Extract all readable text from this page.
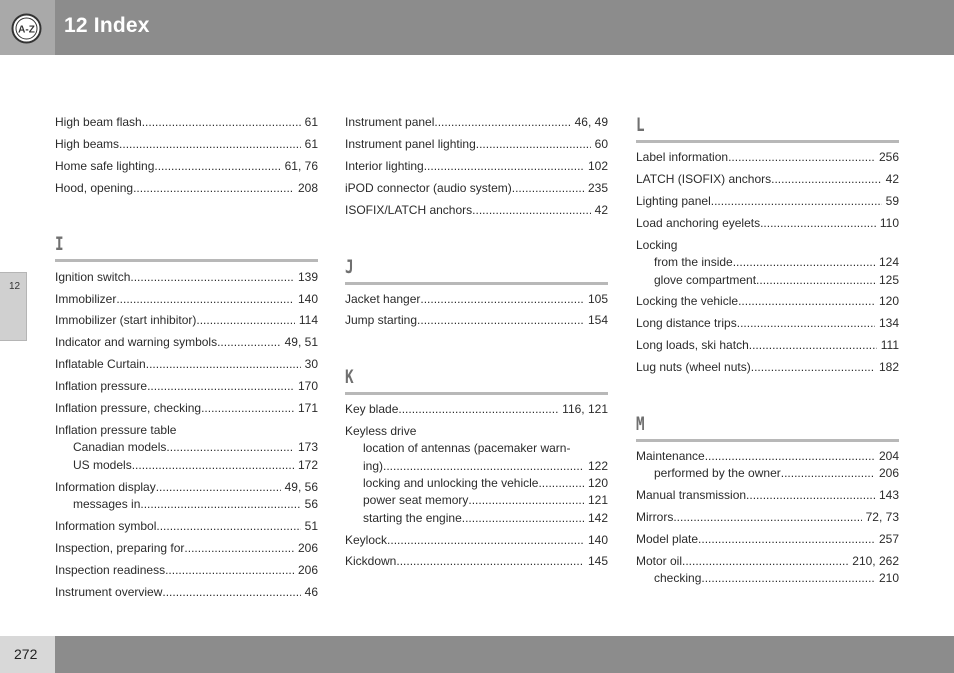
A-Z 12 Index
12
High beam flash .....	61
High beams .....	61
Home safe lighting .....	61, 76
Hood, opening .....	208
I
Ignition switch .....	139
Immobilizer .....	140
Immobilizer (start inhibitor) .....	114
Indicator and warning symbols .....	49, 51
Inflatable Curtain .....	30
Inflation pressure .....	170
Inflation pressure, checking .....	171
Inflation pressure table
Canadian models .....	173
US models .....	172
Information display .....	49, 56
messages in .....	56
Information symbol .....	51
Inspection, preparing for .....	206
Inspection readiness .....	206
Instrument overview .....	46
Instrument panel .....	46, 49
Instrument panel lighting .....	60
Interior lighting .....	102
iPOD connector (audio system) .....	235
ISOFIX/LATCH anchors .....	42
J
Jacket hanger .....	105
Jump starting .....	154
K
Key blade .....	116, 121
Keyless drive
location of antennas (pacemaker warn-
ing) .....	122
locking and unlocking the vehicle .....	120
power seat memory .....	121
starting the engine .....	142
Keylock .....	140
Kickdown .....	145
L
Label information .....	256
LATCH (ISOFIX) anchors .....	42
Lighting panel .....	59
Load anchoring eyelets .....	110
Locking
from the inside .....	124
glove compartment .....	125
Locking the vehicle .....	120
Long distance trips .....	134
Long loads, ski hatch .....	111
Lug nuts (wheel nuts) .....	182
M
Maintenance .....	204
performed by the owner .....	206
Manual transmission .....	143
Mirrors .....	72, 73
Model plate .....	257
Motor oil .....	210, 262
checking .....	210
272
